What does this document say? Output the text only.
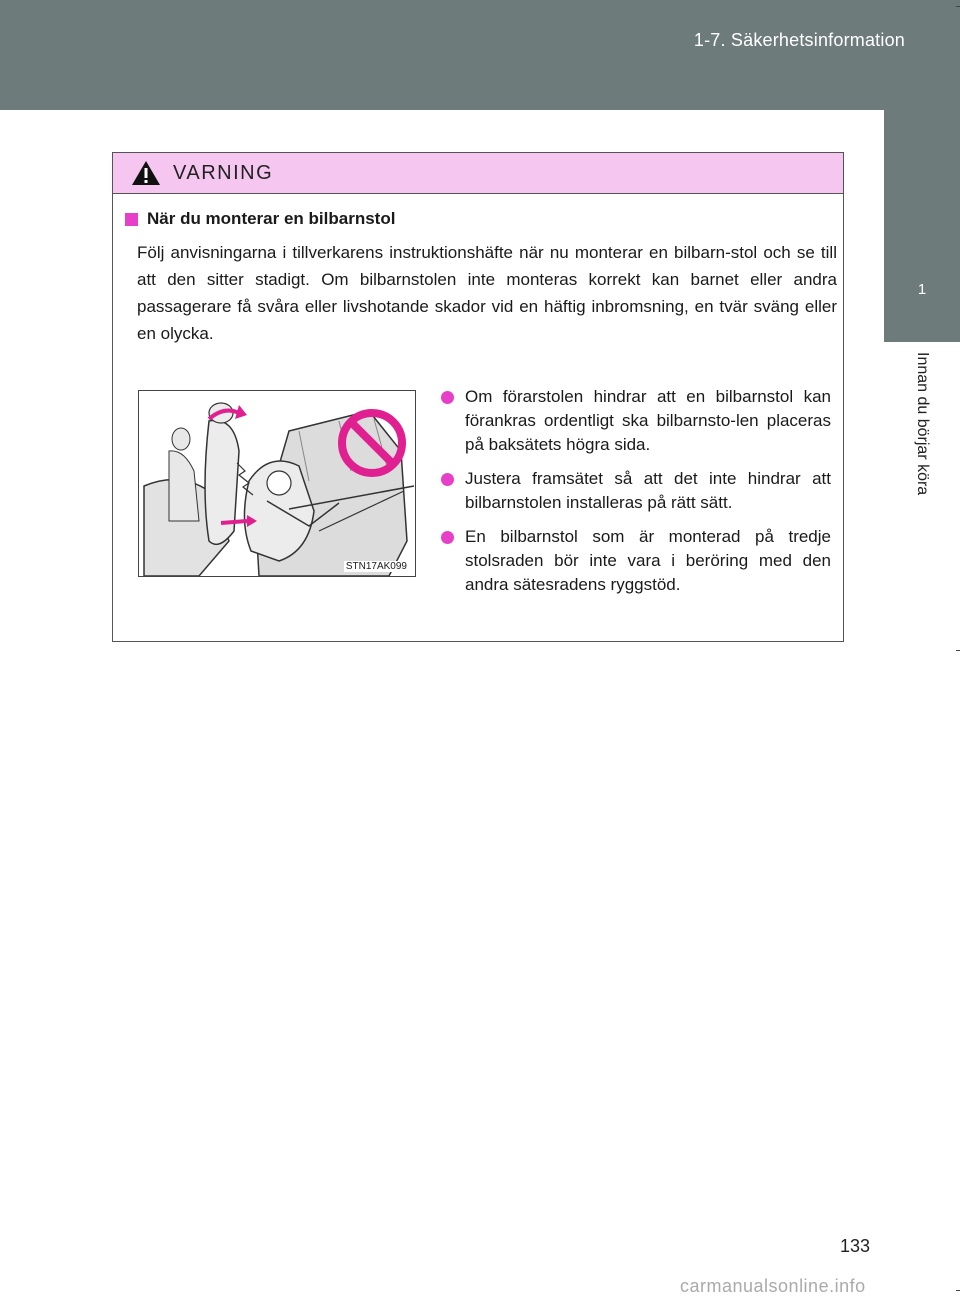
1-7. Säkerhetsinformation
1
Innan du börjar köra
VARNING
När du monterar en bilbarnstol

Följ anvisningarna i tillverkarens instruktionshäfte när nu monterar en bilbarn-stol och se till att den sitter stadigt. Om bilbarnstolen inte monteras korrekt kan barnet eller andra passagerare få svåra eller livshotande skador vid en häftig inbromsning, en tvär sväng eller en olycka.

STN17AK099
Om förarstolen hindrar att en bilbarnstol kan förankras ordentligt ska bilbarnsto-len placeras på baksätets högra sida.
Justera framsätet så att det inte hindrar att bilbarnstolen installeras på rätt sätt.
En bilbarnstol som är monterad på tredje stolsraden bör inte vara i beröring med den andra sätesradens ryggstöd.
133
carmanualsonline.info
